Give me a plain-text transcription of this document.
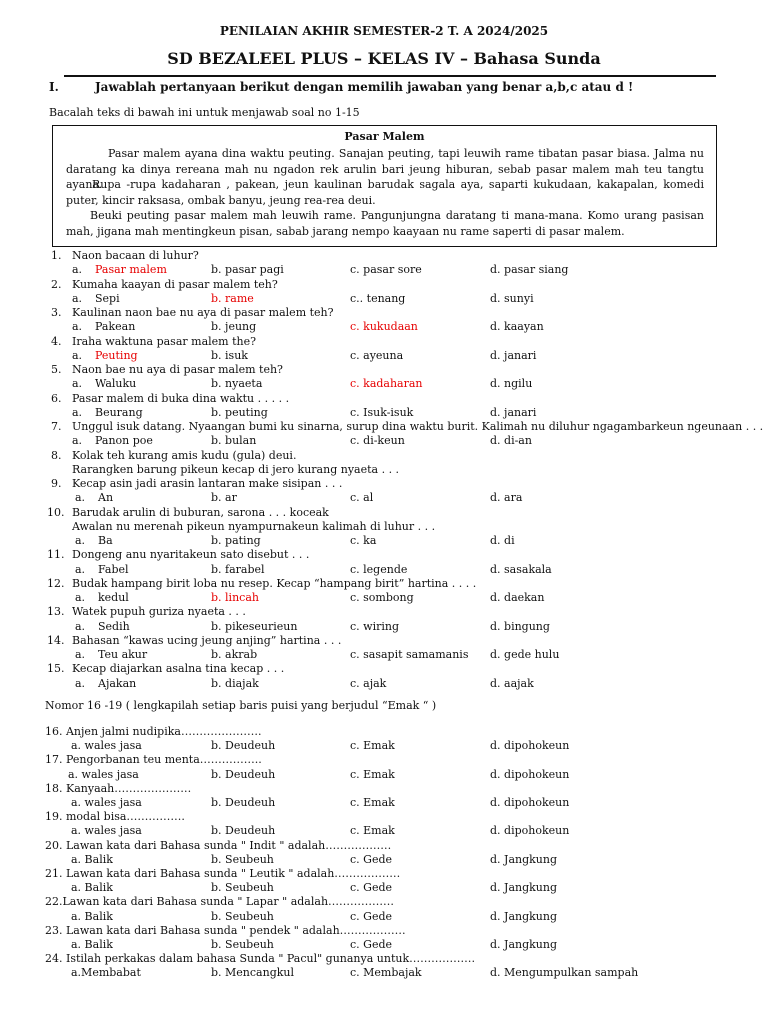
PENILAIAN AKHIR SEMESTER-2 T. A 2024/2025
SD BEZALEEL PLUS – KELAS IV – Bahasa Sunda
I.	Jawablah pertanyaan berikut dengan memilih jawaban yang benar a,b,c atau d !
Bacalah teks di bawah ini untuk menjawab soal no 1-15
Pasar Malem
Pasar malem ayana dina waktu peuting. Sanajan peuting, tapi leuwih rame tibatan pasar biasa. Jalma nu daratang ka dinya rereana mah nu ngadon rek arulin bari jeung hiburan, sebab pasar malem mah teu tangtu ayana.
Rupa -rupa kadaharan , pakean, jeun kaulinan barudak sagala aya, saparti kukudaan, kakapalan, komedi puter, kincir raksasa, ombak banyu, jeung rea-rea deui.
Beuki peuting pasar malem mah leuwih rame. Pangunjungna daratang ti mana-mana. Komo urang pasisan mah, jigana mah mentingkeun pisan, sabab jarang nempo kaayaan nu rame saperti di pasar malem.
1. Naon bacaan di luhur?
a. Pasar malem	b. pasar pagi	c. pasar sore	d. pasar siang
2. Kumaha kaayan di pasar malem teh?
a. Sepi	b. rame	c.. tenang	d. sunyi
3. Kaulinan naon bae nu aya di pasar malem teh?
a. Pakean	b. jeung	c. kukudaan	d. kaayan
4. Iraha waktuna pasar malem the?
a. Peuting	b. isuk	c. ayeuna	d. janari
5. Naon bae nu aya di pasar malem teh?
a. Waluku	b. nyaeta	c. kadaharan	d. ngilu
6. Pasar malem di buka dina waktu . . . . .
a. Beurang	b. peuting	c. Isuk-isuk	d. janari
7. Unggul isuk datang. Nyaangan bumi ku sinarna, surup dina waktu burit. Kalimah nu diluhur ngagambarkeun ngeunaan . . .
a. Panon poe	b. bulan	c. di-keun	d. di-an
8. Kolak teh kurang amis kudu (gula) deui.
Rarangken barung pikeun kecap di jero kurang nyaeta . . .
9. Kecap asin jadi arasin lantaran make sisipan . . .
a. An	b. ar	c. al	d. ara
10. Barudak arulin di buburan, sarona . . . koceak
Awalan nu merenah pikeun nyampurnakeun kalimah di luhur . . .
a. Ba	b. pating	c. ka	d. di
11. Dongeng anu nyaritakeun sato disebut . . .
a. Fabel	b. farabel	c. legende	d. sasakala
12. Budak hampang birit loba nu resep. Kecap “hampang birit” hartina . . . .
a. kedul	b. lincah	c. sombong	d. daekan
13. Watek pupuh guriza nyaeta . . .
a. Sedih	b. pikeseurieun	c. wiring	d. bingung
14. Bahasan “kawas ucing jeung anjing” hartina . . .
a. Teu akur	b. akrab	c. sasapit samamanis d. gede hulu
15. Kecap diajarkan asalna tina kecap . . .
a. Ajakan	b. diajak	c. ajak	d. aajak
Nomor 16 -19 ( lengkapilah setiap baris puisi yang berjudul “Emak “ )
16. Anjen jalmi nudipika………………….
a. wales jasa	b. Deudeuh	c. Emak	d. dipohokeun
17. Pengorbanan teu menta……………..
a. wales jasa	b. Deudeuh	c. Emak	d. dipohokeun
18. Kanyaah…………………
a. wales jasa	b. Deudeuh	c. Emak	d. dipohokeun
19. modal bisa…………….
a. wales jasa	b. Deudeuh	c. Emak	d. dipohokeun
20. Lawan kata dari Bahasa sunda " Indit " adalah………………
a. Balik	b. Seubeuh	c. Gede	d. Jangkung
21. Lawan kata dari Bahasa sunda " Leutik " adalah………………
a. Balik	b. Seubeuh	c. Gede	d. Jangkung
22.Lawan kata dari Bahasa sunda " Lapar " adalah………………
a. Balik	b. Seubeuh	c. Gede	d. Jangkung
23. Lawan kata dari Bahasa sunda " pendek " adalah………………
a. Balik	b. Seubeuh	c. Gede	d. Jangkung
24. Istilah perkakas dalam bahasa Sunda " Pacul" gunanya untuk………………
a.Membabat	b. Mencangkul	c. Membajak	d. Mengumpulkan sampah
